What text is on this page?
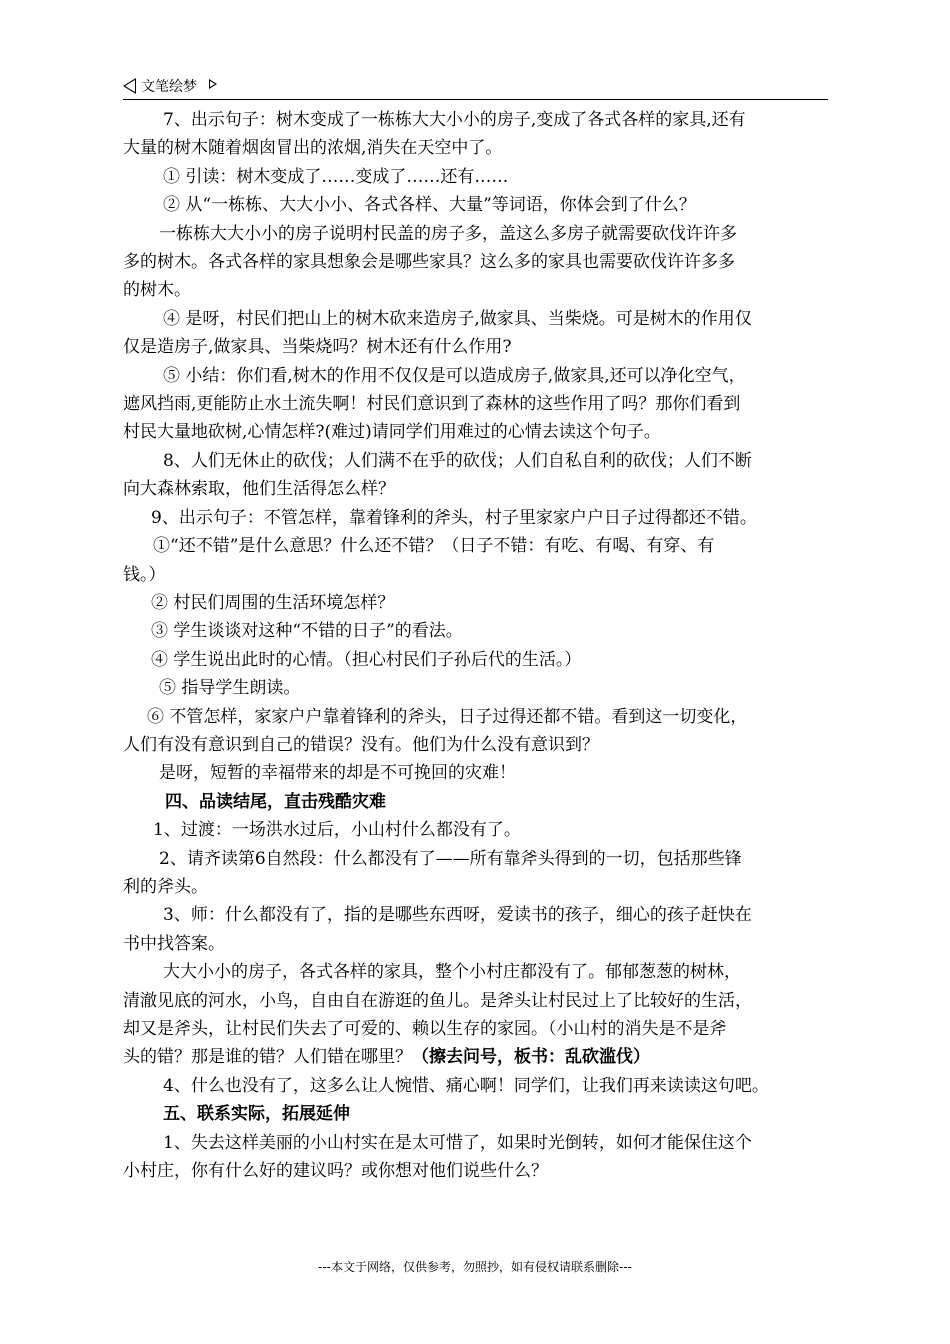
文笔绘梦

7、出示句子：树木变成了一栋栋大大小小的房子,变成了各式各样的家具,还有

大量的树木随着烟囱冒出的浓烟,消失在天空中了。

① 引读：树木变成了……变成了……还有……

② 从“一栋栋、大大小小、各式各样、大量”等词语，你体会到了什么？

一栋栋大大小小的房子说明村民盖的房子多，盖这么多房子就需要砍伐许许多

多的树木。各式各样的家具想象会是哪些家具？这么多的家具也需要砍伐许许多多

的树木。

④ 是呀，村民们把山上的树木砍来造房子,做家具、当柴烧。可是树木的作用仅

仅是造房子,做家具、当柴烧吗？树木还有什么作用?

⑤ 小结：你们看,树木的作用不仅仅是可以造成房子,做家具,还可以净化空气，

遮风挡雨,更能防止水土流失啊！村民们意识到了森林的这些作用了吗？那你们看到

村民大量地砍树,心情怎样?(难过)请同学们用难过的心情去读这个句子。

8、人们无休止的砍伐；人们满不在乎的砍伐；人们自私自利的砍伐；人们不断

向大森林索取，他们生活得怎么样？

9、出示句子：不管怎样，靠着锋利的斧头，村子里家家户户日子过得都还不错。

①“还不错”是什么意思？什么还不错？（日子不错：有吃、有喝、有穿、有

钱。）

② 村民们周围的生活环境怎样？

③ 学生谈谈对这种“不错的日子”的看法。

④ 学生说出此时的心情。（担心村民们子孙后代的生活。）

⑤ 指导学生朗读。

⑥ 不管怎样，家家户户靠着锋利的斧头，日子过得还都不错。看到这一切变化，

人们有没有意识到自己的错误？没有。他们为什么没有意识到？

是呀，短暂的幸福带来的却是不可挽回的灾难！

四、品读结尾，直击残酷灾难

1、过渡：一场洪水过后，小山村什么都没有了。

2、请齐读第6自然段：什么都没有了——所有靠斧头得到的一切，包括那些锋

利的斧头。

3、师：什么都没有了，指的是哪些东西呀，爱读书的孩子，细心的孩子赶快在

书中找答案。

大大小小的房子，各式各样的家具，整个小村庄都没有了。郁郁葱葱的树林，

清澈见底的河水，小鸟，自由自在游逛的鱼儿。是斧头让村民过上了比较好的生活，

却又是斧头，让村民们失去了可爱的、赖以生存的家园。（小山村的消失是不是斧

头的错？那是谁的错？人们错在哪里？（擦去问号，板书：乱砍滥伐）

4、什么也没有了，这多么让人惋惜、痛心啊！同学们，让我们再来读读这句吧。

五、联系实际，拓展延伸

1、失去这样美丽的小山村实在是太可惜了，如果时光倒转，如何才能保住这个

小村庄，你有什么好的建议吗？或你想对他们说些什么？

---本文于网络，仅供参考，勿照抄，如有侵权请联系删除---
